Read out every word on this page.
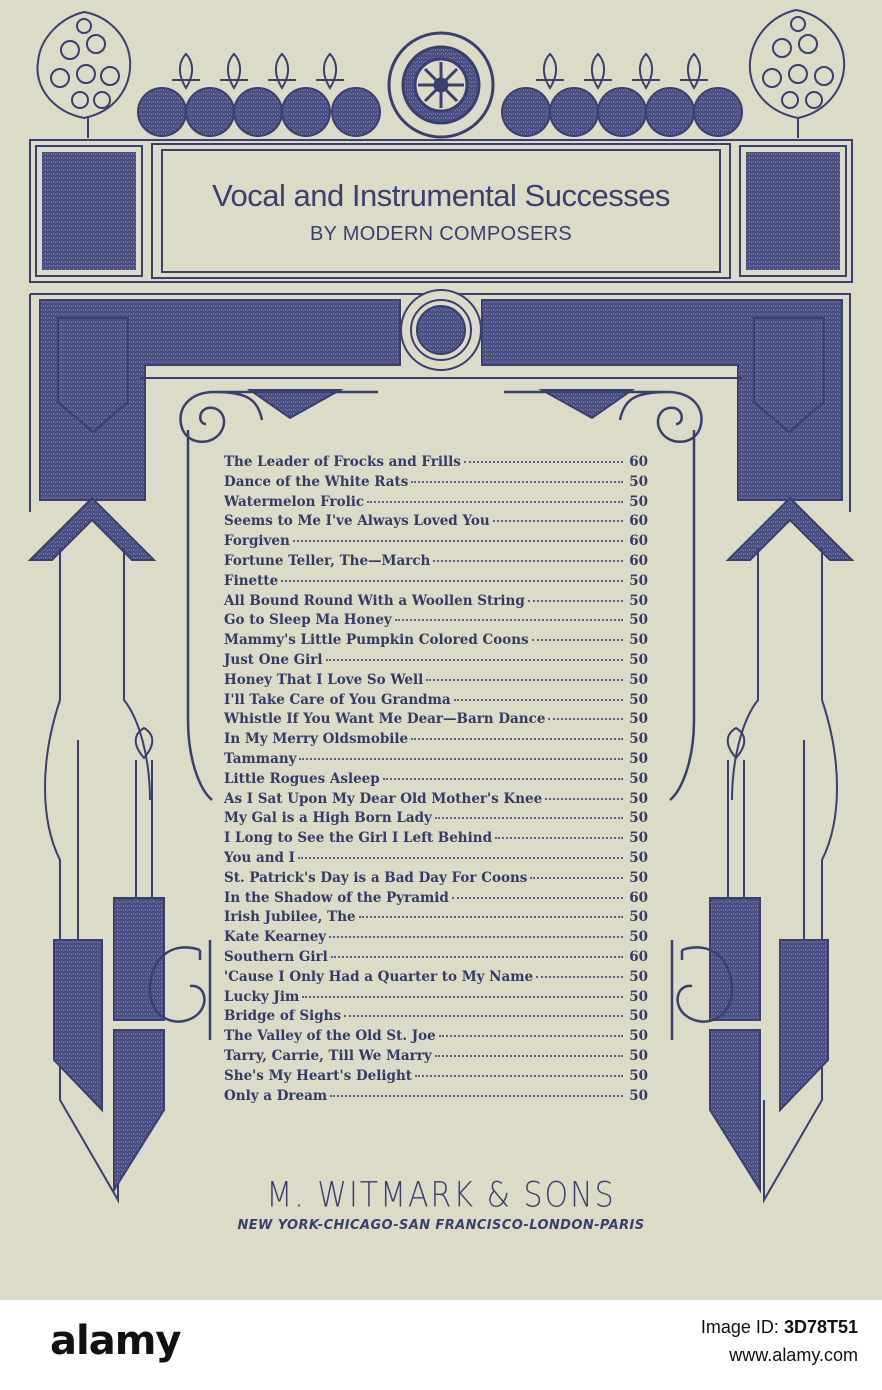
Vocal and Instrumental Successes
BY MODERN COMPOSERS
The Leader of Frocks and Frills	60
Dance of the White Rats	50
Watermelon Frolic	50
Seems to Me I've Always Loved You	60
Forgiven	60
Fortune Teller, The—March	60
Finette	50
All Bound Round With a Woollen String	50
Go to Sleep Ma Honey	50
Mammy's Little Pumpkin Colored Coons	50
Just One Girl	50
Honey That I Love So Well	50
I'll Take Care of You Grandma	50
Whistle If You Want Me Dear—Barn Dance	50
In My Merry Oldsmobile	50
Tammany	50
Little Rogues Asleep	50
As I Sat Upon My Dear Old Mother's Knee	50
My Gal is a High Born Lady	50
I Long to See the Girl I Left Behind	50
You and I	50
St. Patrick's Day is a Bad Day For Coons	50
In the Shadow of the Pyramid	60
Irish Jubilee, The	50
Kate Kearney	50
Southern Girl	60
'Cause I Only Had a Quarter to My Name	50
Lucky Jim	50
Bridge of Sighs	50
The Valley of the Old St. Joe	50
Tarry, Carrie, Till We Marry	50
She's My Heart's Delight	50
Only a Dream	50
M. WITMARK & SONS
NEW YORK-CHICAGO-SAN FRANCISCO-LONDON-PARIS
alamy	Image ID: 3D78T51
www.alamy.com
